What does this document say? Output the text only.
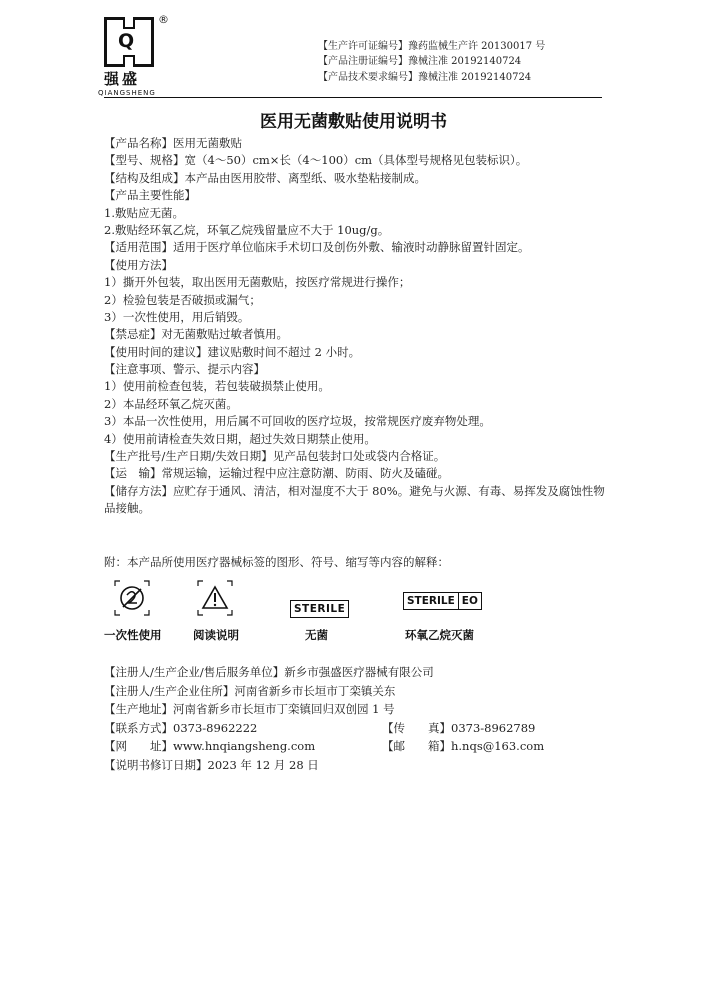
Q
®
强盛
QIANGSHENG
【生产许可证编号】豫药监械生产许 20130017 号
【产品注册证编号】豫械注准 20192140724
【产品技术要求编号】豫械注准 20192140724
医用无菌敷贴使用说明书
【产品名称】医用无菌敷贴
【型号、规格】宽（4～50）cm×长（4～100）cm（具体型号规格见包装标识）。
【结构及组成】本产品由医用胶带、离型纸、吸水垫粘接制成。
【产品主要性能】
1.敷贴应无菌。
2.敷贴经环氧乙烷，环氧乙烷残留量应不大于 10ug/g。
【适用范围】适用于医疗单位临床手术切口及创伤外敷、输液时动静脉留置针固定。
【使用方法】
1）撕开外包装，取出医用无菌敷贴，按医疗常规进行操作；
2）检验包装是否破损或漏气；
3）一次性使用，用后销毁。
【禁忌症】对无菌敷贴过敏者慎用。
【使用时间的建议】建议贴敷时间不超过 2 小时。
【注意事项、警示、提示内容】
1）使用前检查包装，若包装破损禁止使用。
2）本品经环氧乙烷灭菌。
3）本品一次性使用，用后属不可回收的医疗垃圾，按常规医疗废弃物处理。
4）使用前请检查失效日期，超过失效日期禁止使用。
【生产批号/生产日期/失效日期】见产品包装封口处或袋内合格证。
【运　输】常规运输，运输过程中应注意防潮、防雨、防火及磕碰。
【储存方法】应贮存于通风、清洁，相对湿度不大于 80%。避免与火源、有毒、易挥发及腐蚀性物品接触。
附：本产品所使用医疗器械标签的图形、符号、缩写等内容的解释：
STERILE
STERILE EO
一次性使用	阅读说明	无菌	环氧乙烷灭菌
【注册人/生产企业/售后服务单位】新乡市强盛医疗器械有限公司
【注册人/生产企业住所】河南省新乡市长垣市丁栾镇关东
【生产地址】河南省新乡市长垣市丁栾镇回归双创园 1 号
【联系方式】0373-8962222	【传　　真】0373-8962789
【网　　址】www.hnqiangsheng.com	【邮　　箱】h.nqs@163.com
【说明书修订日期】2023 年 12 月 28 日
